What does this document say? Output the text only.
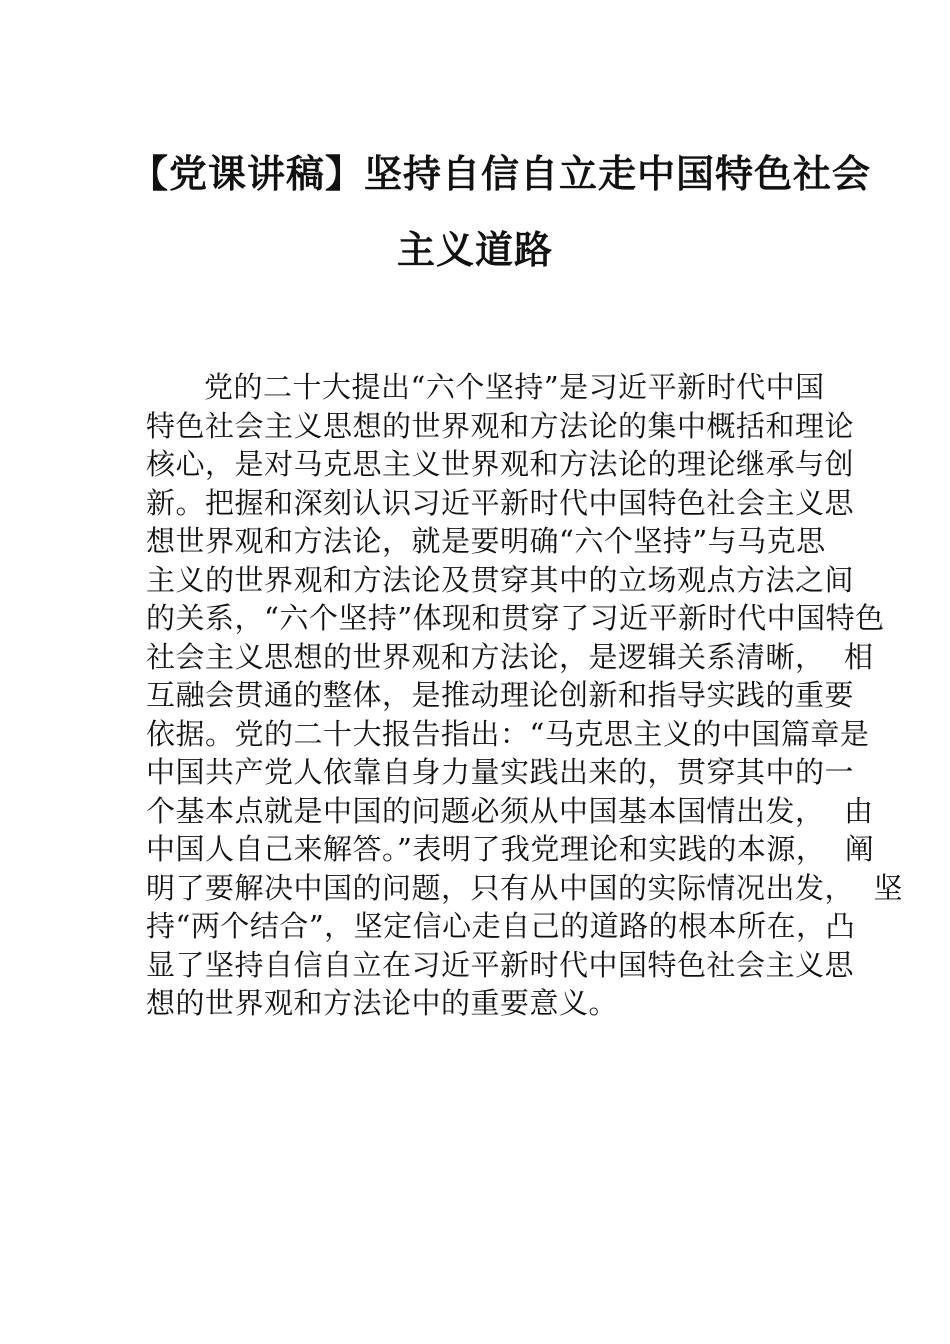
【党课讲稿】坚持自信自立走中国特色社会
主义道路
党的二十大提出“六个坚持”是习近平新时代中国
特色社会主义思想的世界观和方法论的集中概括和理论
核心，是对马克思主义世界观和方法论的理论继承与创
新。把握和深刻认识习近平新时代中国特色社会主义思
想世界观和方法论，就是要明确“六个坚持”与马克思
主义的世界观和方法论及贯穿其中的立场观点方法之间
的关系，“六个坚持”体现和贯穿了习近平新时代中国特色
社会主义思想的世界观和方法论，是逻辑关系清晰，  相
互融会贯通的整体，是推动理论创新和指导实践的重要
依据。党的二十大报告指出：“马克思主义的中国篇章是
中国共产党人依靠自身力量实践出来的，贯穿其中的一
个基本点就是中国的问题必须从中国基本国情出发，  由
中国人自己来解答。”表明了我党理论和实践的本源，  阐
明了要解决中国的问题，只有从中国的实际情况出发，  坚
持“两个结合”，坚定信心走自己的道路的根本所在，凸
显了坚持自信自立在习近平新时代中国特色社会主义思
想的世界观和方法论中的重要意义。
